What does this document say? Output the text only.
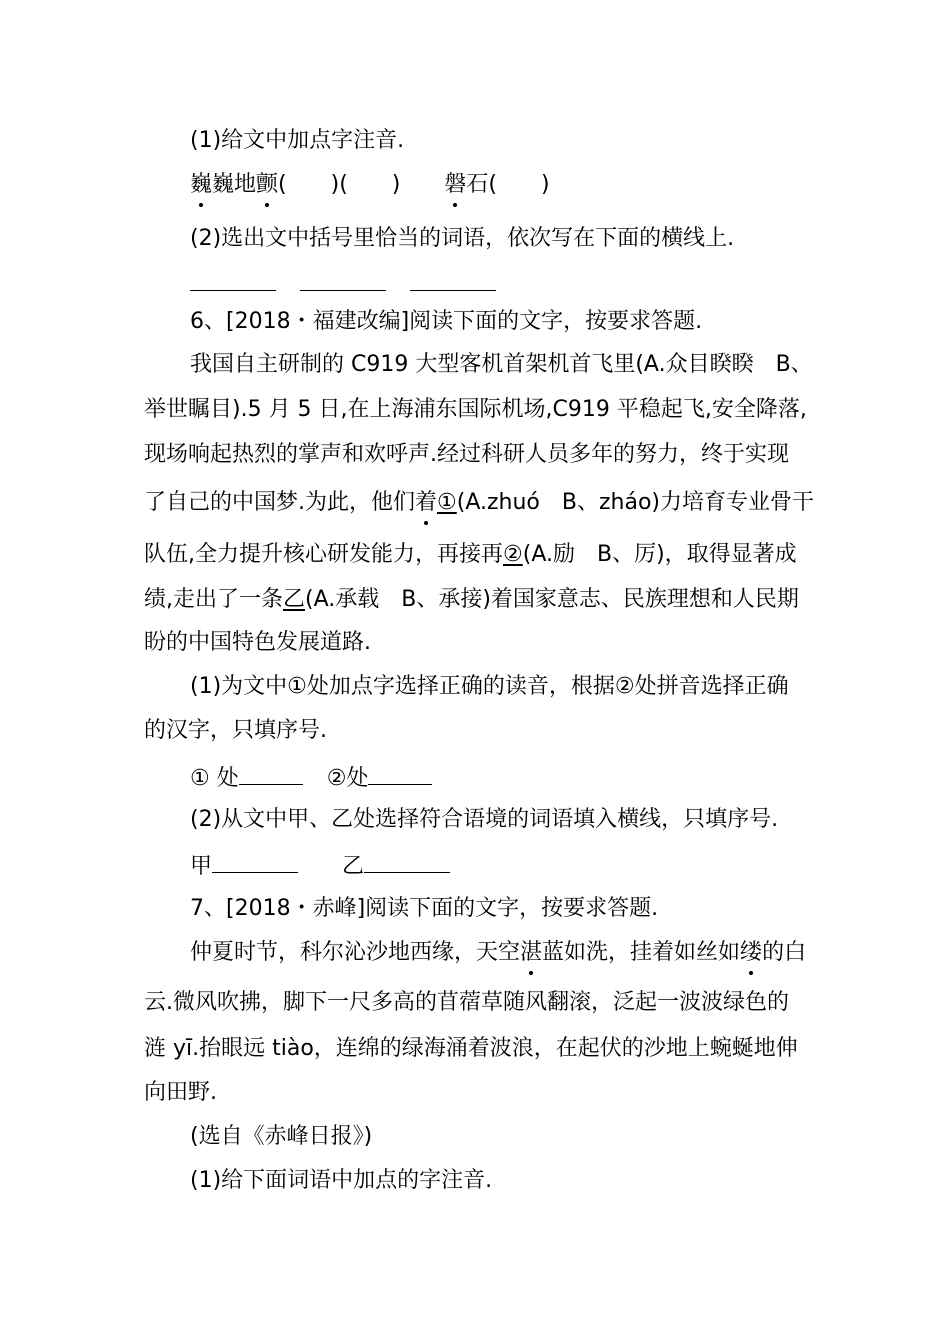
(1)给文中加点字注音.
巍巍地颤(　　)(　　) 磐石(　　)
(2)选出文中括号里恰当的词语，依次写在下面的横线上.
6、[2018・福建改编]阅读下面的文字，按要求答题.
我国自主研制的 C919 大型客机首架机首飞里(A.众目睽睽　B、
举世瞩目).5 月 5 日,在上海浦东国际机场,C919 平稳起飞,安全降落,
现场响起热烈的掌声和欢呼声.经过科研人员多年的努力，终于实现
了自己的中国梦.为此，他们着①(A.zhuó　B、zháo)力培育专业骨干
队伍,全力提升核心研发能力，再接再②(A.励　B、厉)，取得显著成
绩,走出了一条乙(A.承载　B、承接)着国家意志、民族理想和人民期
盼的中国特色发展道路.
(1)为文中①处加点字选择正确的读音，根据②处拼音选择正确
的汉字，只填序号.
① 处	②处
(2)从文中甲、乙处选择符合语境的词语填入横线，只填序号.
甲	乙
7、[2018・赤峰]阅读下面的文字，按要求答题.
仲夏时节，科尔沁沙地西缘，天空湛蓝如洗，挂着如丝如缕的白
云.微风吹拂，脚下一尺多高的苜蓿草随风翻滚，泛起一波波绿色的
涟 yī.抬眼远 tiào，连绵的绿海涌着波浪，在起伏的沙地上蜿蜒地伸
向田野.
(选自《赤峰日报》)
(1)给下面词语中加点的字注音.
